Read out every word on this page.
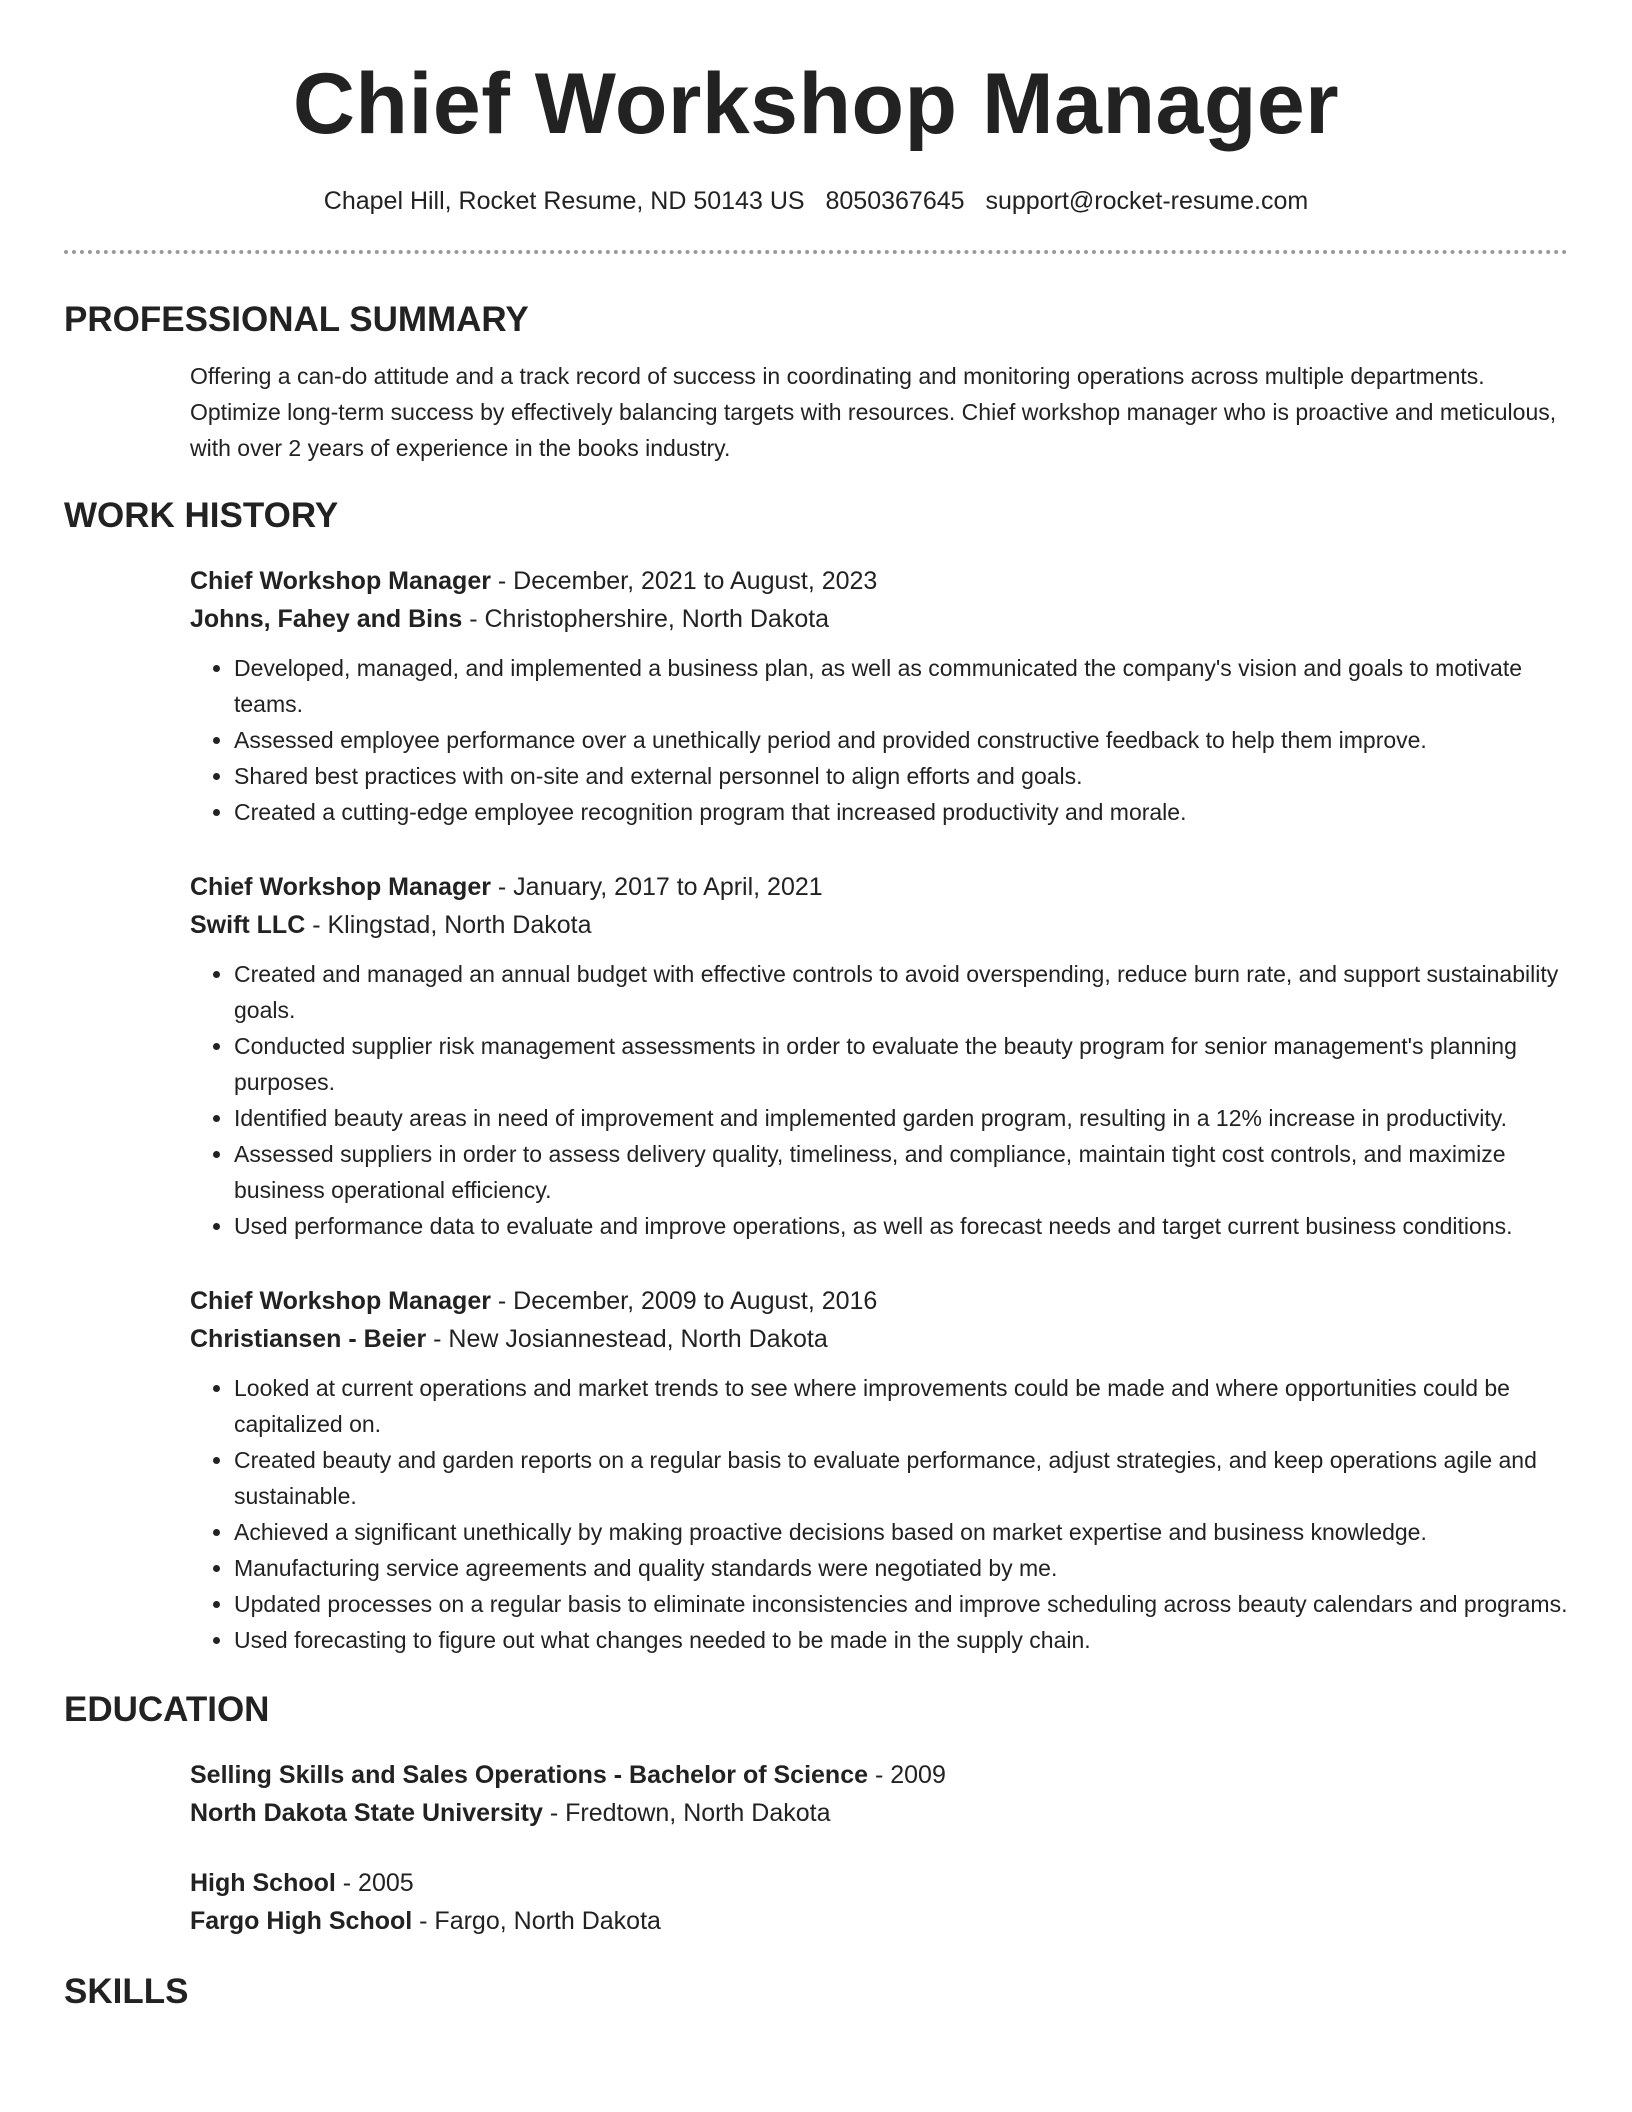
Chief Workshop Manager
Chapel Hill, Rocket Resume, ND 50143 US 8050367645 support@rocket-resume.com
PROFESSIONAL SUMMARY
Offering a can-do attitude and a track record of success in coordinating and monitoring operations across multiple departments. Optimize long-term success by effectively balancing targets with resources. Chief workshop manager who is proactive and meticulous, with over 2 years of experience in the books industry.
WORK HISTORY
Chief Workshop Manager - December, 2021 to August, 2023
Johns, Fahey and Bins - Christophershire, North Dakota
• Developed, managed, and implemented a business plan, as well as communicated the company's vision and goals to motivate teams.
• Assessed employee performance over a unethically period and provided constructive feedback to help them improve.
• Shared best practices with on-site and external personnel to align efforts and goals.
• Created a cutting-edge employee recognition program that increased productivity and morale.
Chief Workshop Manager - January, 2017 to April, 2021
Swift LLC - Klingstad, North Dakota
• Created and managed an annual budget with effective controls to avoid overspending, reduce burn rate, and support sustainability goals.
• Conducted supplier risk management assessments in order to evaluate the beauty program for senior management's planning purposes.
• Identified beauty areas in need of improvement and implemented garden program, resulting in a 12% increase in productivity.
• Assessed suppliers in order to assess delivery quality, timeliness, and compliance, maintain tight cost controls, and maximize business operational efficiency.
• Used performance data to evaluate and improve operations, as well as forecast needs and target current business conditions.
Chief Workshop Manager - December, 2009 to August, 2016
Christiansen - Beier - New Josiannestead, North Dakota
• Looked at current operations and market trends to see where improvements could be made and where opportunities could be capitalized on.
• Created beauty and garden reports on a regular basis to evaluate performance, adjust strategies, and keep operations agile and sustainable.
• Achieved a significant unethically by making proactive decisions based on market expertise and business knowledge.
• Manufacturing service agreements and quality standards were negotiated by me.
• Updated processes on a regular basis to eliminate inconsistencies and improve scheduling across beauty calendars and programs.
• Used forecasting to figure out what changes needed to be made in the supply chain.
EDUCATION
Selling Skills and Sales Operations - Bachelor of Science - 2009
North Dakota State University - Fredtown, North Dakota
High School - 2005
Fargo High School - Fargo, North Dakota
SKILLS
